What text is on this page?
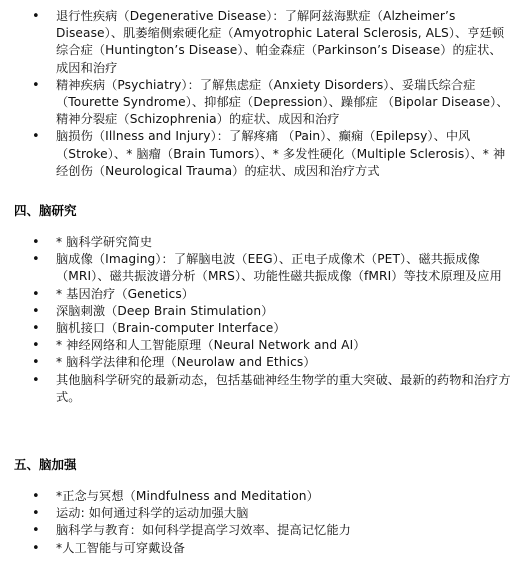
• 退行性疾病（Degenerative Disease）：了解阿兹海默症（Alzheimer’s Disease）、肌萎缩侧索硬化症（Amyotrophic Lateral Sclerosis, ALS）、亨廷顿综合症（Huntington’s Disease）、帕金森症（Parkinson’s Disease）的症状、成因和治疗
• 精神疾病（Psychiatry）：了解焦虑症（Anxiety Disorders）、妥瑞氏综合症（Tourette Syndrome）、抑郁症（Depression）、躁郁症 （Bipolar Disease）、精神分裂症（Schizophrenia）的症状、成因和治疗
• 脑损伤（Illness and Injury）：了解疼痛 （Pain）、癫痫（Epilepsy）、中风（Stroke）、* 脑瘤（Brain Tumors）、* 多发性硬化（Multiple Sclerosis）、* 神经创伤（Neurological Trauma）的症状、成因和治疗方式
四、脑研究
• * 脑科学研究简史
• 脑成像（Imaging）：了解脑电波（EEG）、正电子成像术（PET）、磁共振成像（MRI）、磁共振波谱分析（MRS）、功能性磁共振成像（fMRI）等技术原理及应用
• * 基因治疗（Genetics）
• 深脑刺激（Deep Brain Stimulation）
• 脑机接口（Brain-computer Interface）
• * 神经网络和人工智能原理（Neural Network and AI）
• * 脑科学法律和伦理（Neurolaw and Ethics）
• 其他脑科学研究的最新动态，包括基础神经生物学的重大突破、最新的药物和治疗方式。
五、脑加强
• *正念与冥想（Mindfulness and Meditation）
• 运动: 如何通过科学的运动加强大脑
• 脑科学与教育：如何科学提高学习效率、提高记忆能力
• *人工智能与可穿戴设备
